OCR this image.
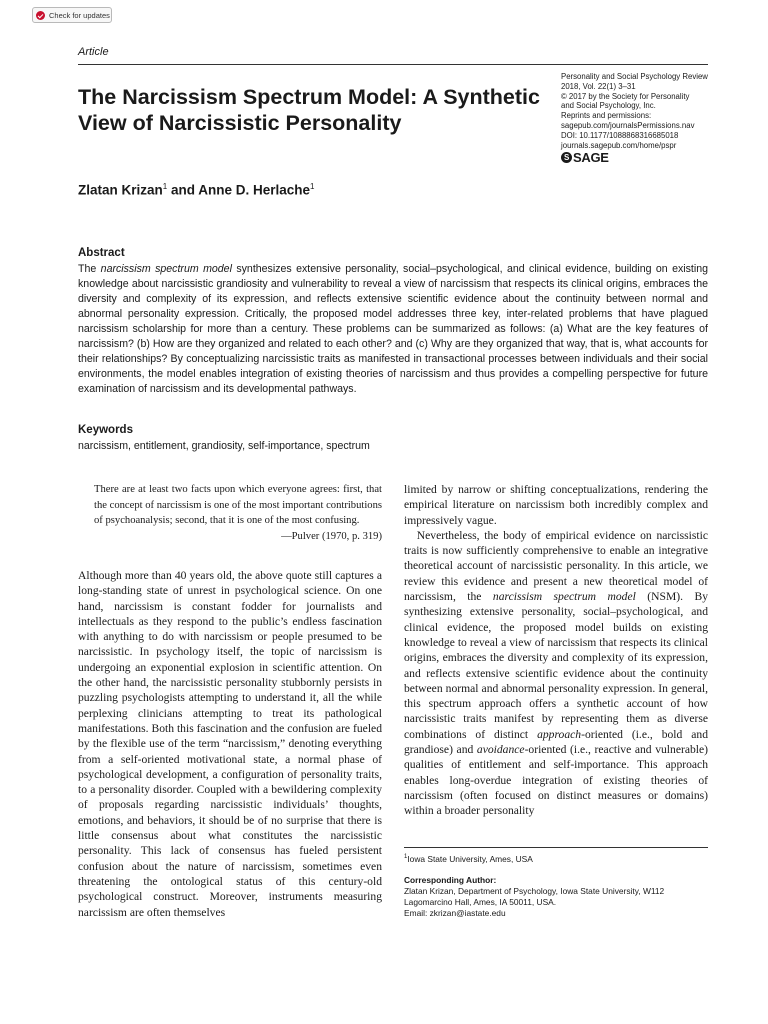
Check for updates
Article
The Narcissism Spectrum Model: A Synthetic View of Narcissistic Personality
Personality and Social Psychology Review
2018, Vol. 22(1) 3–31
© 2017 by the Society for Personality
and Social Psychology, Inc.
Reprints and permissions:
sagepub.com/journalsPermissions.nav
DOI: 10.1177/1088868316685018
journals.sagepub.com/home/pspr
S SAGE
Zlatan Krizan$^1$ and Anne D. Herlache$^1$
Abstract

The narcissism spectrum model synthesizes extensive personality, social–psychological, and clinical evidence, building on existing knowledge about narcissistic grandiosity and vulnerability to reveal a view of narcissism that respects its clinical origins, embraces the diversity and complexity of its expression, and reflects extensive scientific evidence about the continuity between normal and abnormal personality expression. Critically, the proposed model addresses three key, inter-related problems that have plagued narcissism scholarship for more than a century. These problems can be summarized as follows: (a) What are the key features of narcissism? (b) How are they organized and related to each other? and (c) Why are they organized that way, that is, what accounts for their relationships? By conceptualizing narcissistic traits as manifested in transactional processes between individuals and their social environments, the model enables integration of existing theories of narcissism and thus provides a compelling perspective for future examination of narcissism and its developmental pathways.

Keywords
narcissism, entitlement, grandiosity, self-importance, spectrum

There are at least two facts upon which everyone agrees: first, that the concept of narcissism is one of the most important contributions of psychoanalysis; second, that it is one of the most confusing.

—Pulver (1970, p. 319)

Although more than 40 years old, the above quote still captures a long-standing state of unrest in psychological science. On one hand, narcissism is constant fodder for journalists and intellectuals as they respond to the public’s endless fascination with anything to do with narcissism or people presumed to be narcissistic. In psychology itself, the topic of narcissism is undergoing an exponential explosion in scientific attention. On the other hand, the narcissistic personality stubbornly persists in puzzling psychologists attempting to understand it, all the while perplexing clinicians attempting to treat its pathological manifestations. Both this fascination and the confusion are fueled by the flexible use of the term “narcissism,” denoting everything from a self-oriented motivational state, a normal phase of psychological development, a configuration of personality traits, to a personality disorder. Coupled with a bewildering complexity of proposals regarding narcissistic individuals’ thoughts, emotions, and behaviors, it should be of no surprise that there is little consensus about what constitutes the narcissistic personality. This lack of consensus has fueled persistent confusion about the nature of narcissism, sometimes even threatening the ontological status of this century-old psychological construct. Moreover, instruments measuring narcissism are often themselves

limited by narrow or shifting conceptualizations, rendering the empirical literature on narcissism both incredibly complex and impressively vague.

Nevertheless, the body of empirical evidence on narcissistic traits is now sufficiently comprehensive to enable an integrative theoretical account of narcissistic personality. In this article, we review this evidence and present a new theoretical model of narcissism, the narcissism spectrum model (NSM). By synthesizing extensive personality, social–psychological, and clinical evidence, the proposed model builds on existing knowledge to reveal a view of narcissism that respects its clinical origins, embraces the diversity and complexity of its expression, and reflects extensive scientific evidence about the continuity between normal and abnormal personality expression. In general, this spectrum approach offers a synthetic account of how narcissistic traits manifest by representing them as diverse combinations of distinct approach-oriented (i.e., bold and grandiose) and avoidance-oriented (i.e., reactive and vulnerable) qualities of entitlement and self-importance. This approach enables long-overdue integration of existing theories of narcissism (often focused on distinct measures or domains) within a broader personality

$^1$Iowa State University, Ames, USA
Corresponding Author:
Zlatan Krizan, Department of Psychology, Iowa State University, W112
Lagomarcino Hall, Ames, IA 50011, USA.
Email: zkrizan@iastate.edu
